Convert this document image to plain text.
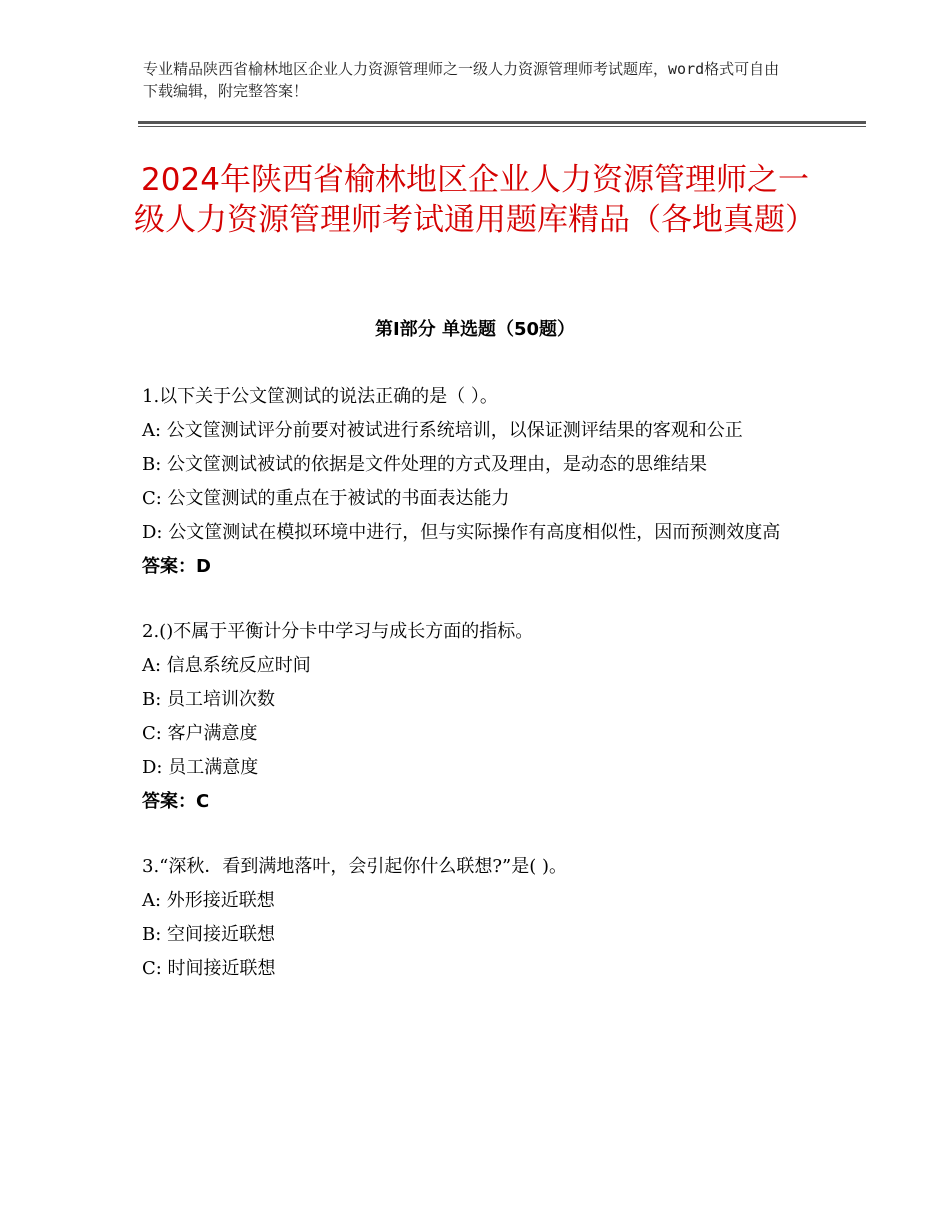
专业精品陕西省榆林地区企业人力资源管理师之一级人力资源管理师考试题库，word格式可自由下载编辑，附完整答案！
2024年陕西省榆林地区企业人力资源管理师之一级人力资源管理师考试通用题库精品（各地真题）
第Ⅰ部分 单选题（50题）

1.以下关于公文筐测试的说法正确的是（ ）。

A: 公文筐测试评分前要对被试进行系统培训，以保证测评结果的客观和公正

B: 公文筐测试被试的依据是文件处理的方式及理由，是动态的思维结果

C: 公文筐测试的重点在于被试的书面表达能力

D: 公文筐测试在模拟环境中进行，但与实际操作有高度相似性，因而预测效度高

答案：D

2.()不属于平衡计分卡中学习与成长方面的指标。

A: 信息系统反应时间

B: 员工培训次数

C: 客户满意度

D: 员工满意度

答案：C

3.“深秋．看到满地落叶，会引起你什么联想?”是( )。

A: 外形接近联想

B: 空间接近联想

C: 时间接近联想
